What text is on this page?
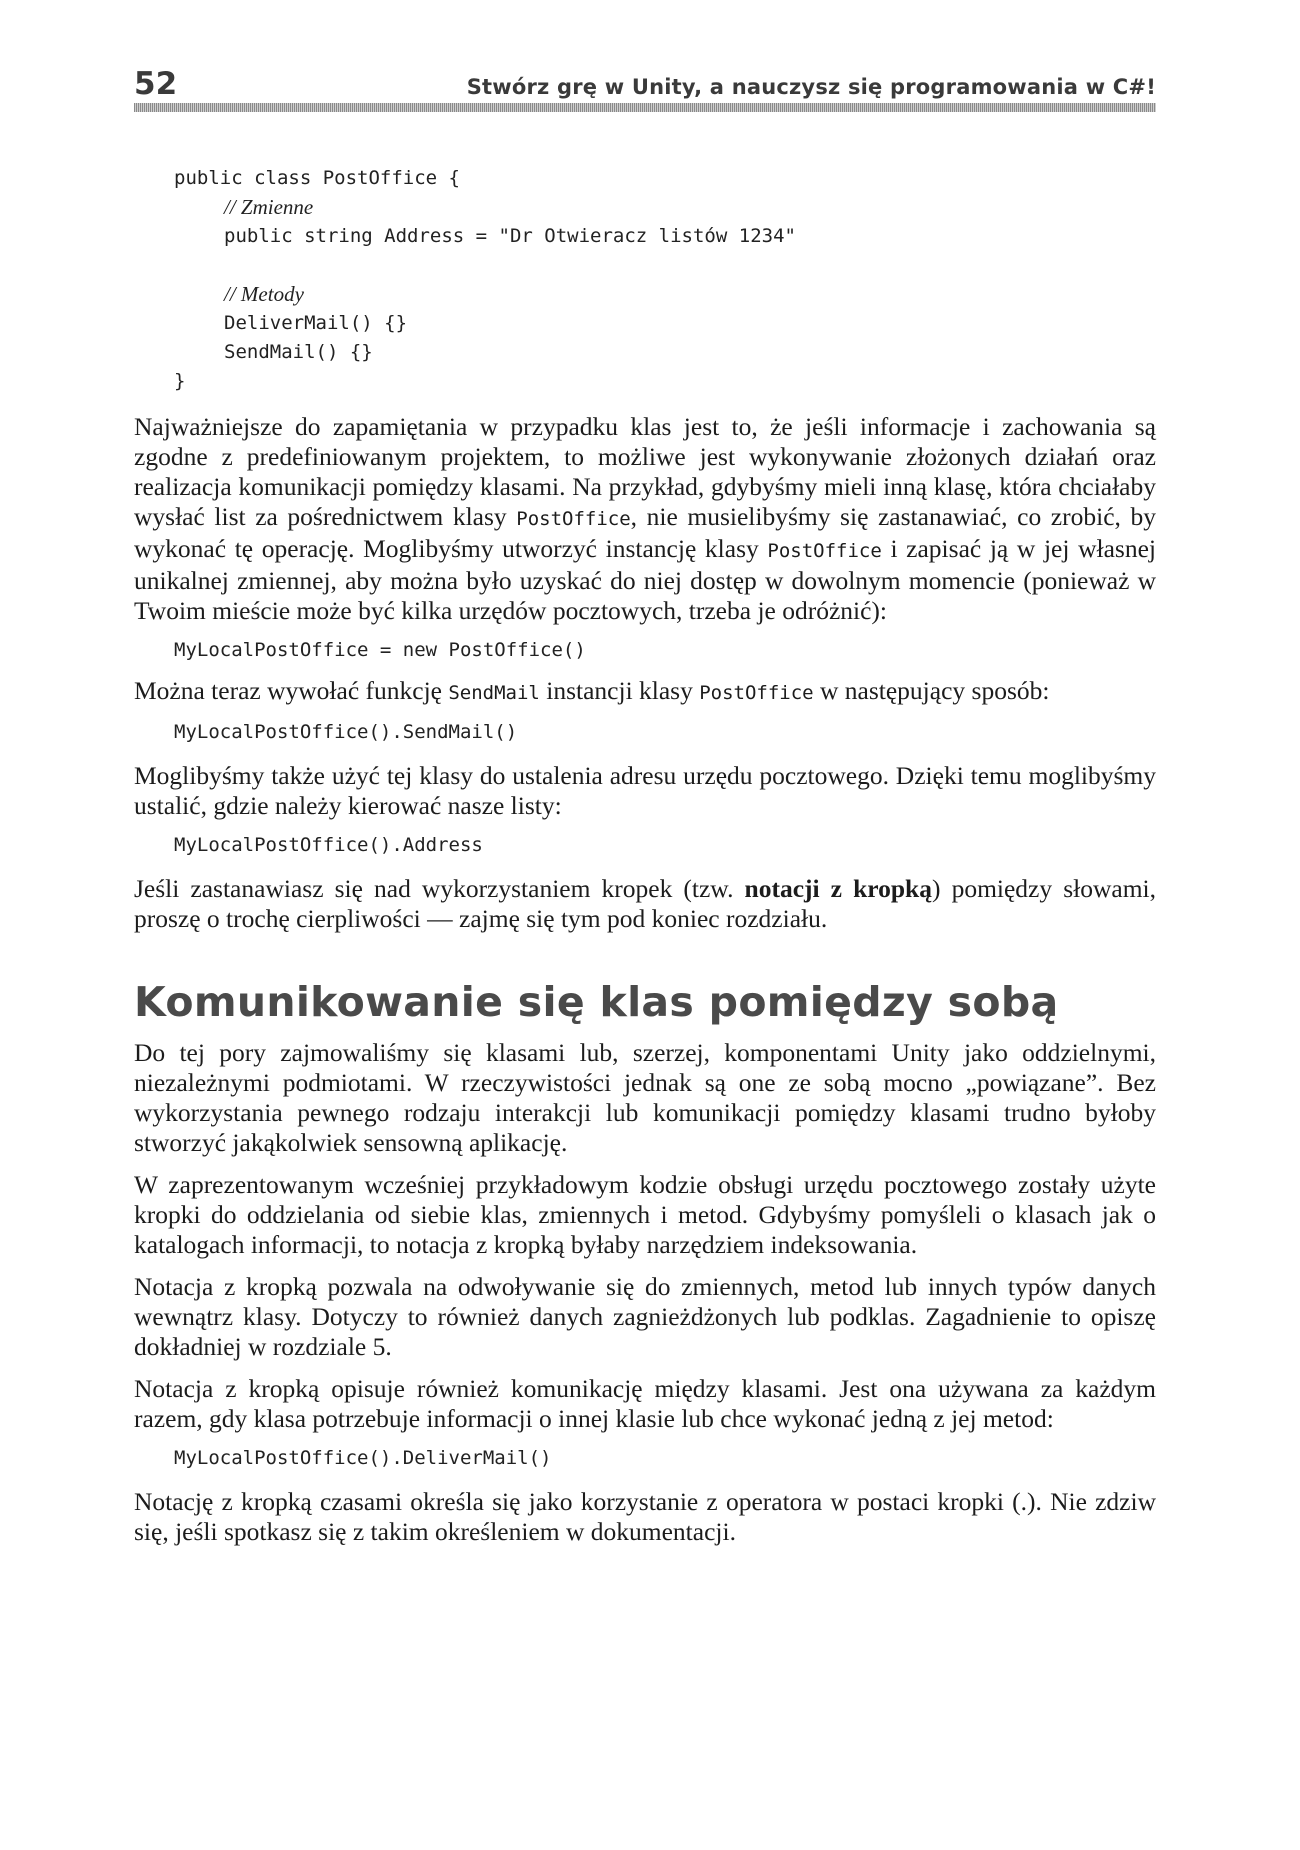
52	Stwórz grę w Unity, a nauczysz się programowania w C#!
public class PostOffice {
// Zmienne
public string Address = "Dr Otwieracz listów 1234"
// Metody
DeliverMail() {}
SendMail() {}
}

Najważniejsze do zapamiętania w przypadku klas jest to, że jeśli informacje i zachowania są zgodne z predefiniowanym projektem, to możliwe jest wykonywanie złożonych działań oraz realizacja komunikacji pomiędzy klasami. Na przykład, gdybyśmy mieli inną klasę, która chciałaby wysłać list za pośrednictwem klasy PostOffice, nie musielibyśmy się zastanawiać, co zrobić, by wykonać tę operację. Moglibyśmy utworzyć instancję klasy PostOffice i zapisać ją w jej własnej unikalnej zmiennej, aby można było uzyskać do niej dostęp w dowolnym momencie (ponieważ w Twoim mieście może być kilka urzędów pocztowych, trzeba je odróżnić):

MyLocalPostOffice = new PostOffice()

Można teraz wywołać funkcję SendMail instancji klasy PostOffice w następujący sposób:

MyLocalPostOffice().SendMail()

Moglibyśmy także użyć tej klasy do ustalenia adresu urzędu pocztowego. Dzięki temu moglibyśmy ustalić, gdzie należy kierować nasze listy:

MyLocalPostOffice().Address

Jeśli zastanawiasz się nad wykorzystaniem kropek (tzw. notacji z kropką) pomiędzy słowami, proszę o trochę cierpliwości — zajmę się tym pod koniec rozdziału.

Komunikowanie się klas pomiędzy sobą

Do tej pory zajmowaliśmy się klasami lub, szerzej, komponentami Unity jako oddzielnymi, niezależnymi podmiotami. W rzeczywistości jednak są one ze sobą mocno „powiązane”. Bez wykorzystania pewnego rodzaju interakcji lub komunikacji pomiędzy klasami trudno byłoby stworzyć jakąkolwiek sensowną aplikację.

W zaprezentowanym wcześniej przykładowym kodzie obsługi urzędu pocztowego zostały użyte kropki do oddzielania od siebie klas, zmiennych i metod. Gdybyśmy pomyśleli o klasach jak o katalogach informacji, to notacja z kropką byłaby narzędziem indeksowania.

Notacja z kropką pozwala na odwoływanie się do zmiennych, metod lub innych typów danych wewnątrz klasy. Dotyczy to również danych zagnieżdżonych lub podklas. Zagadnienie to opiszę dokładniej w rozdziale 5.

Notacja z kropką opisuje również komunikację między klasami. Jest ona używana za każdym razem, gdy klasa potrzebuje informacji o innej klasie lub chce wykonać jedną z jej metod:

MyLocalPostOffice().DeliverMail()

Notację z kropką czasami określa się jako korzystanie z operatora w postaci kropki (.). Nie zdziw się, jeśli spotkasz się z takim określeniem w dokumentacji.
